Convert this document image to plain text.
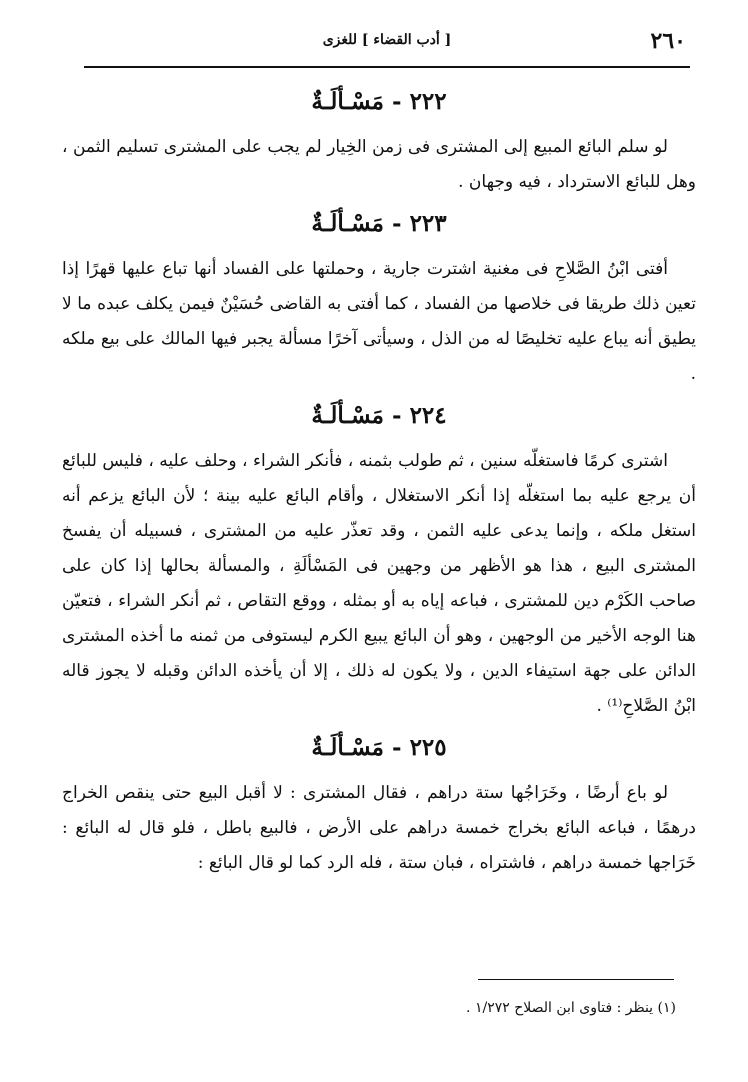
٢٦٠
[ أدب القضاء ] للغزى
٢٢٢ - مَسْـألَـةٌ

لو سلم البائع المبيع إلى المشترى فى زمن الخِيار لم يجب على المشترى تسليم الثمن ، وهل للبائع الاسترداد ، فيه وجهان .

٢٢٣ - مَسْـألَـةٌ

أفتى ابْنُ الصَّلاحِ فى مغنية اشترت جارية ، وحملتها على الفساد أنها تباع عليها قهرًا إذا تعين ذلك طريقا فى خلاصها من الفساد ، كما أفتى به القاضى حُسَيْنٌ فيمن يكلف عبده ما لا يطيق أنه يباع عليه تخليصًا له من الذل ، وسيأتى آخرًا مسألة يجبر فيها المالك على بيع ملكه .

٢٢٤ - مَسْـألَـةٌ

اشترى كرمًا فاستغلّه سنين ، ثم طولب بثمنه ، فأنكر الشراء ، وحلف عليه ، فليس للبائع أن يرجع عليه بما استغلّه إذا أنكر الاستغلال ، وأقام البائع عليه بينة ؛ لأن البائع يزعم أنه استغل ملكه ، وإنما يدعى عليه الثمن ، وقد تعذّر عليه من المشترى ، فسبيله أن يفسخ المشترى البيع ، هذا هو الأظهر من وجهين فى المَسْألَةِ ، والمسألة بحالها إذا كان على صاحب الكَرْم دين للمشترى ، فباعه إياه به أو بمثله ، ووقع التقاص ، ثم أنكر الشراء ، فتعيّن هنا الوجه الأخير من الوجهين ، وهو أن البائع يبيع الكرم ليستوفى من ثمنه ما أخذه المشترى الدائن على جهة استيفاء الدين ، ولا يكون له ذلك ، إلا أن يأخذه الدائن وقبله لا يجوز قاله ابْنُ الصَّلاحِ⁽¹⁾ .

٢٢٥ - مَسْـألَـةٌ

لو باع أرضًا ، وخَرَاجُها ستة دراهم ، فقال المشترى : لا أقبل البيع حتى ينقص الخراج درهمًا ، فباعه البائع بخراج خمسة دراهم على الأرض ، فالبيع باطل ، فلو قال له البائع : خَرَاجها خمسة دراهم ، فاشتراه ، فبان ستة ، فله الرد كما لو قال البائع :

(١) ينظر : فتاوى ابن الصلاح ١/٢٧٢ .
